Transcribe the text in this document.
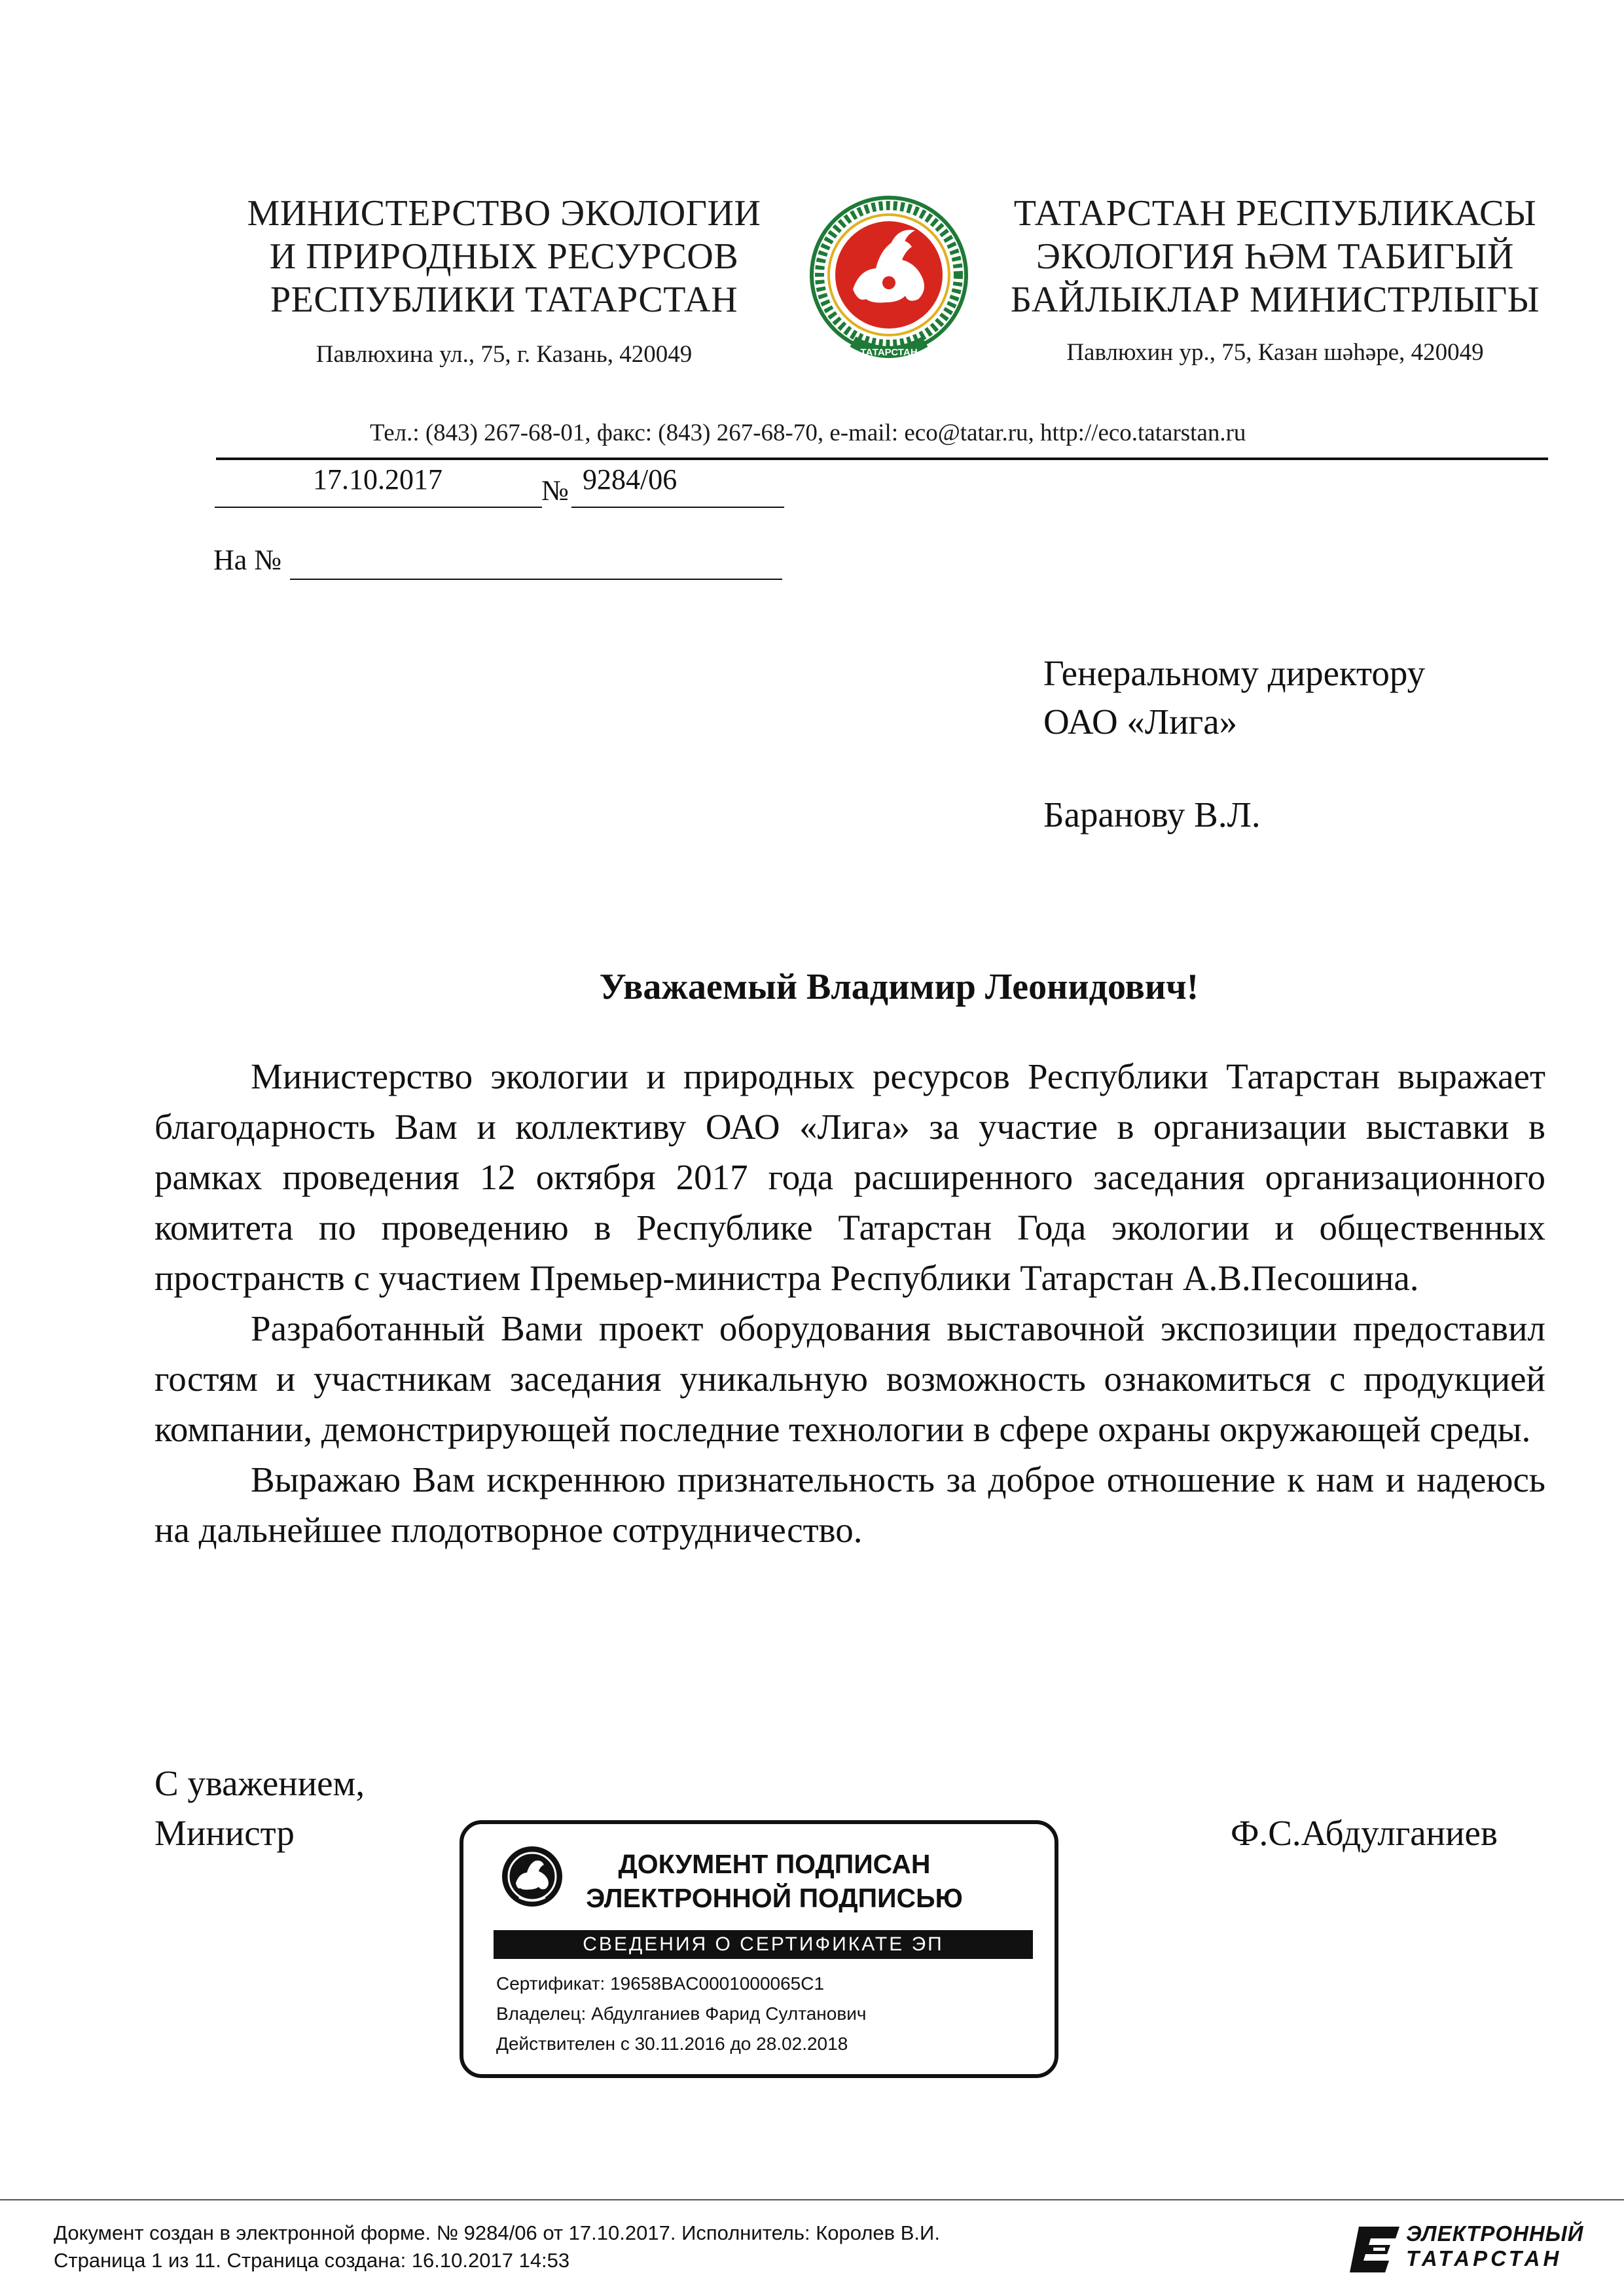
МИНИСТЕРСТВО ЭКОЛОГИИ
И ПРИРОДНЫХ РЕСУРСОВ
РЕСПУБЛИКИ ТАТАРСТАН
Павлюхина ул., 75, г. Казань, 420049	ТАТАРСТАН
ТАТАРСТАН РЕСПУБЛИКАСЫ
ЭКОЛОГИЯ ҺӘМ ТАБИГЫЙ
БАЙЛЫКЛАР МИНИСТРЛЫГЫ
Павлюхин ур., 75, Казан шәһәре, 420049
Тел.: (843) 267-68-01, факс: (843) 267-68-70, e-mail: eco@tatar.ru, http://eco.tatarstan.ru
17.10.2017	№ 9284/06
На №
Генеральному директору
ОАО «Лига»
Баранову В.Л.
Уважаемый Владимир Леонидович!

Министерство экологии и природных ресурсов Республики Татарстан выражает благодарность Вам и коллективу ОАО «Лига» за участие в организации выставки в рамках проведения 12 октября 2017 года расширенного заседания организационного комитета по проведению в Республике Татарстан Года экологии и общественных пространств с участием Премьер-министра Республики Татарстан А.В.Песошина.

Разработанный Вами проект оборудования выставочной экспозиции предоставил гостям и участникам заседания уникальную возможность ознакомиться с продукцией компании, демонстрирующей последние технологии в сфере охраны окружающей среды.

Выражаю Вам искреннюю признательность за доброе отношение к нам и надеюсь на дальнейшее плодотворное сотрудничество.

С уважением,
Министр	Ф.С.Абдулганиев
ДОКУМЕНТ ПОДПИСАН
ЭЛЕКТРОННОЙ ПОДПИСЬЮ
СВЕДЕНИЯ О СЕРТИФИКАТЕ ЭП
Сертификат: 19658BAC0001000065C1
Владелец: Абдулганиев Фарид Султанович
Действителен с 30.11.2016 до 28.02.2018
Документ создан в электронной форме. № 9284/06 от 17.10.2017. Исполнитель: Королев В.И.
Страница 1 из 11. Страница создана: 16.10.2017 14:53
ЭЛЕКТРОННЫЙ
ТАТАРСТАН
